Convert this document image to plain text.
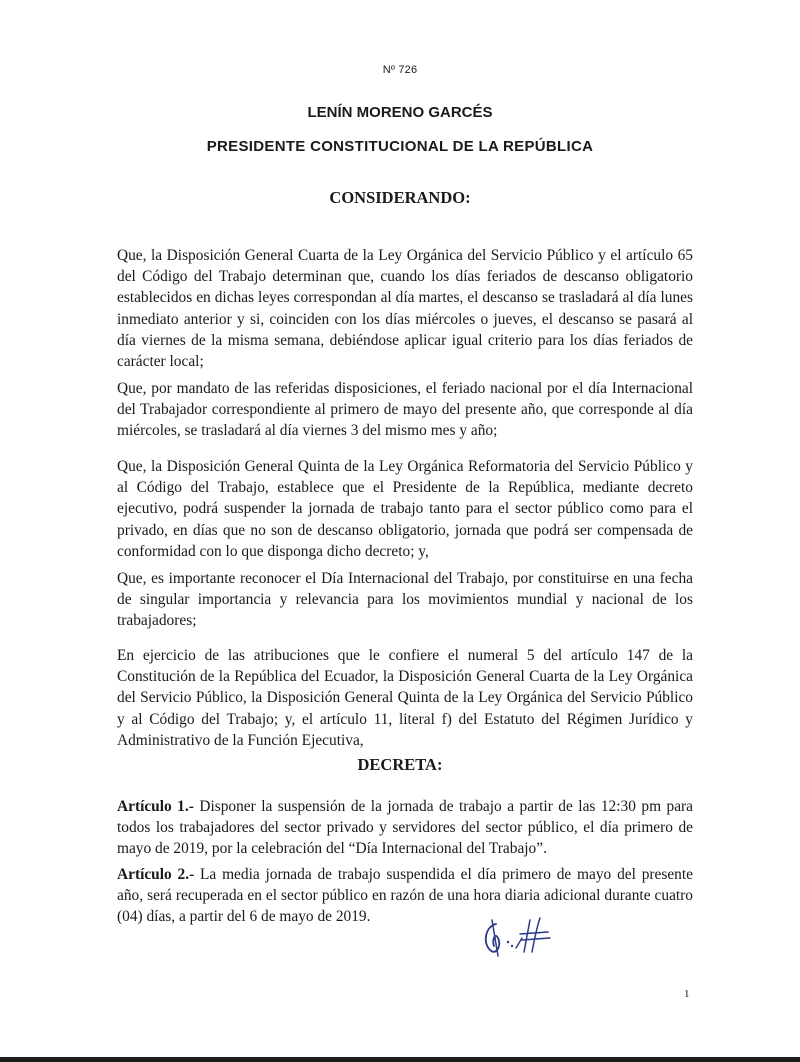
Nº 726
LENÍN MORENO GARCÉS
PRESIDENTE CONSTITUCIONAL DE LA REPÚBLICA
CONSIDERANDO:

Que, la Disposición General Cuarta de la Ley Orgánica del Servicio Público y el artículo 65 del Código del Trabajo determinan que, cuando los días feriados de descanso obligatorio establecidos en dichas leyes correspondan al día martes, el descanso se trasladará al día lunes inmediato anterior y si, coinciden con los días miércoles o jueves, el descanso se pasará al día viernes de la misma semana, debiéndose aplicar igual criterio para los días feriados de carácter local;

Que, por mandato de las referidas disposiciones, el feriado nacional por el día Internacional del Trabajador correspondiente al primero de mayo del presente año, que corresponde al día miércoles, se trasladará al día viernes 3 del mismo mes y año;

Que, la Disposición General Quinta de la Ley Orgánica Reformatoria del Servicio Público y al Código del Trabajo, establece que el Presidente de la República, mediante decreto ejecutivo, podrá suspender la jornada de trabajo tanto para el sector público como para el privado, en días que no son de descanso obligatorio, jornada que podrá ser compensada de conformidad con lo que disponga dicho decreto; y,

Que, es importante reconocer el Día Internacional del Trabajo, por constituirse en una fecha de singular importancia y relevancia para los movimientos mundial y nacional de los trabajadores;

En ejercicio de las atribuciones que le confiere el numeral 5 del artículo 147 de la Constitución de la República del Ecuador, la Disposición General Cuarta de la Ley Orgánica del Servicio Público, la Disposición General Quinta de la Ley Orgánica del Servicio Público y al Código del Trabajo; y, el artículo 11, literal f) del Estatuto del Régimen Jurídico y Administrativo de la Función Ejecutiva,

DECRETA:

Artículo 1.- Disponer la suspensión de la jornada de trabajo a partir de las 12:30 pm para todos los trabajadores del sector privado y servidores del sector público, el día primero de mayo de 2019, por la celebración del “Día Internacional del Trabajo”.

Artículo 2.- La media jornada de trabajo suspendida el día primero de mayo del presente año, será recuperada en el sector público en razón de una hora diaria adicional durante cuatro (04) días, a partir del 6 de mayo de 2019.

1
